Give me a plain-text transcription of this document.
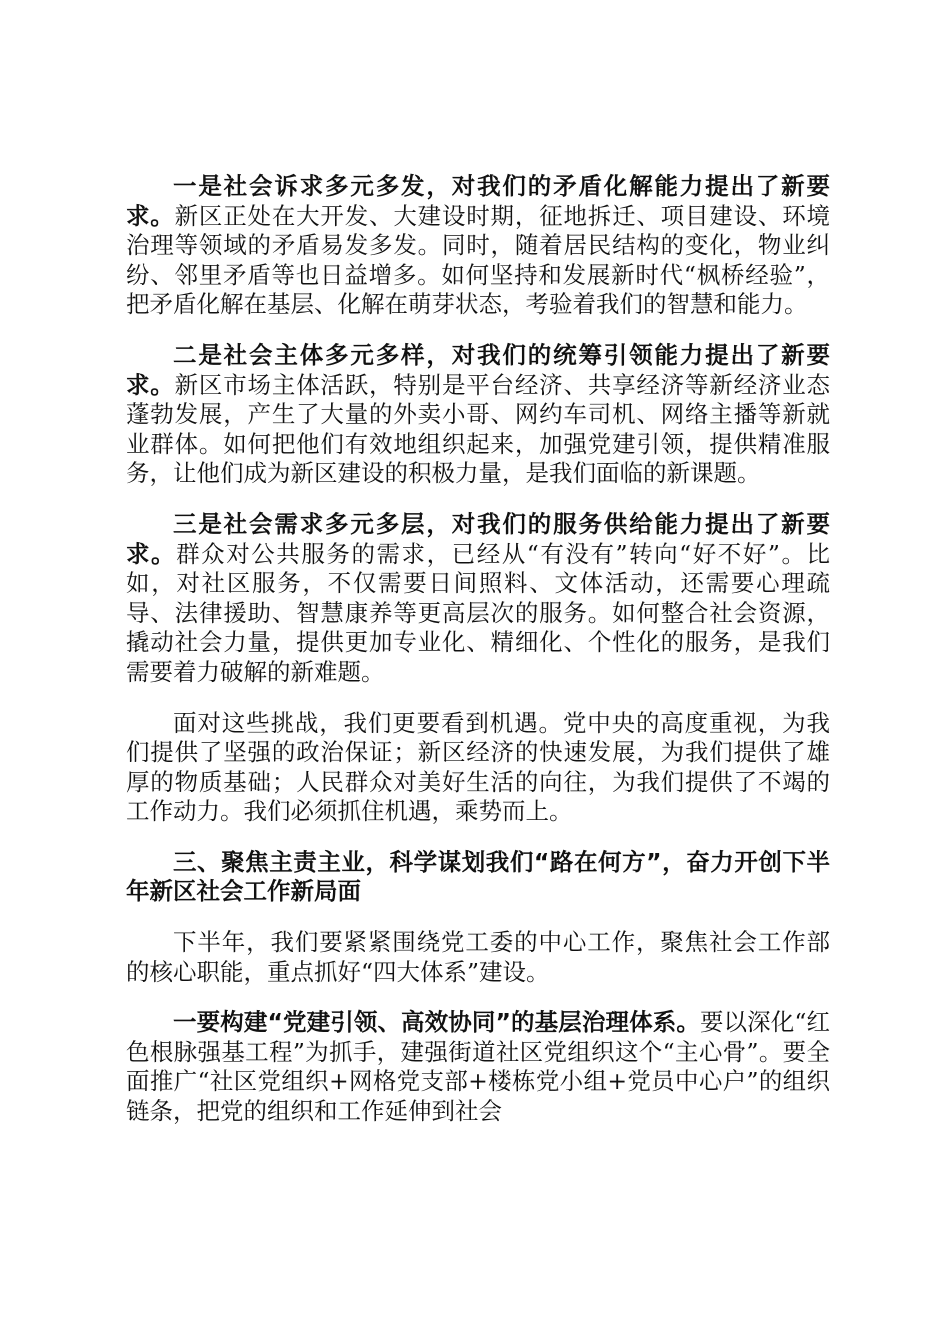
一是社会诉求多元多发，对我们的矛盾化解能力提出了新要求。新区正处在大开发、大建设时期，征地拆迁、项目建设、环境治理等领域的矛盾易发多发。同时，随着居民结构的变化，物业纠纷、邻里矛盾等也日益增多。如何坚持和发展新时代“枫桥经验”，把矛盾化解在基层、化解在萌芽状态，考验着我们的智慧和能力。

二是社会主体多元多样，对我们的统筹引领能力提出了新要求。新区市场主体活跃，特别是平台经济、共享经济等新经济业态蓬勃发展，产生了大量的外卖小哥、网约车司机、网络主播等新就业群体。如何把他们有效地组织起来，加强党建引领，提供精准服务，让他们成为新区建设的积极力量，是我们面临的新课题。

三是社会需求多元多层，对我们的服务供给能力提出了新要求。群众对公共服务的需求，已经从“有没有”转向“好不好”。比如，对社区服务，不仅需要日间照料、文体活动，还需要心理疏导、法律援助、智慧康养等更高层次的服务。如何整合社会资源，撬动社会力量，提供更加专业化、精细化、个性化的服务，是我们需要着力破解的新难题。

面对这些挑战，我们更要看到机遇。党中央的高度重视，为我们提供了坚强的政治保证；新区经济的快速发展，为我们提供了雄厚的物质基础；人民群众对美好生活的向往，为我们提供了不竭的工作动力。我们必须抓住机遇，乘势而上。

三、聚焦主责主业，科学谋划我们“路在何方”，奋力开创下半年新区社会工作新局面

下半年，我们要紧紧围绕党工委的中心工作，聚焦社会工作部的核心职能，重点抓好“四大体系”建设。

一要构建“党建引领、高效协同”的基层治理体系。要以深化“红色根脉强基工程”为抓手，建强街道社区党组织这个“主心骨”。要全面推广“社区党组织+网格党支部+楼栋党小组+党员中心户”的组织链条，把党的组织和工作延伸到社会
